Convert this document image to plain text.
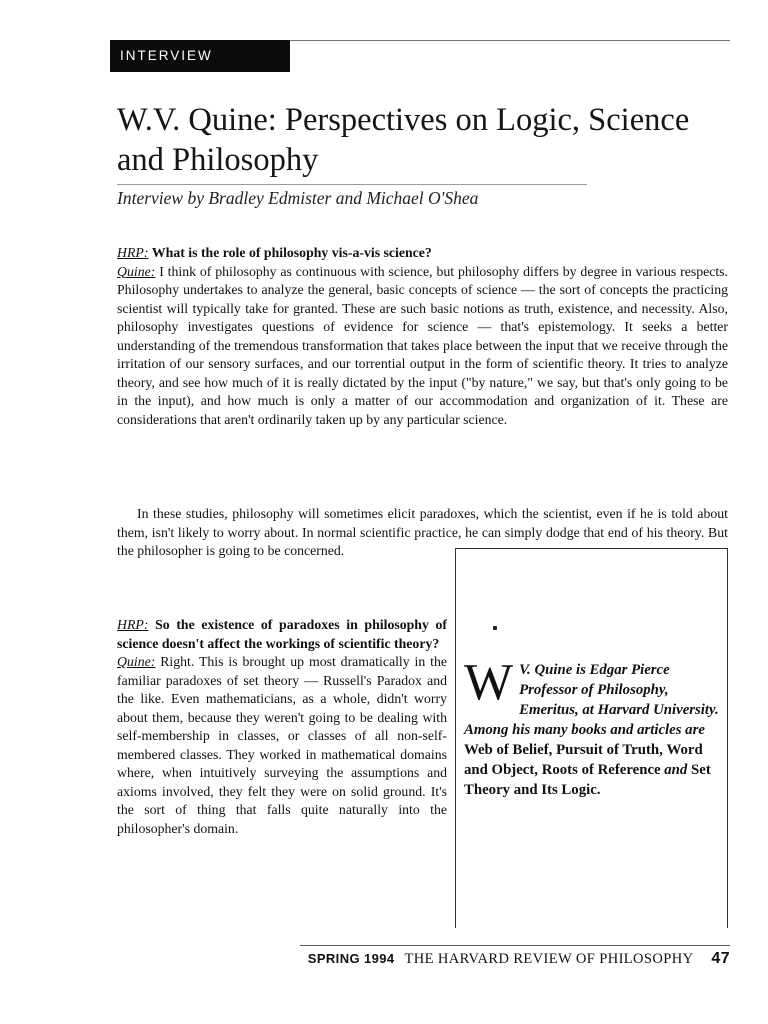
INTERVIEW
W.V. Quine: Perspectives on Logic, Science and Philosophy
Interview by Bradley Edmister and Michael O'Shea

HRP: What is the role of philosophy vis-a-vis science?

Quine: I think of philosophy as continuous with science, but philosophy differs by degree in various respects. Philosophy undertakes to analyze the general, basic concepts of science — the sort of concepts the practicing scientist will typically take for granted. These are such basic notions as truth, existence, and necessity. Also, philosophy investigates questions of evidence for science — that's epistemology. It seeks a better understanding of the tremendous transformation that takes place between the input that we receive through the irritation of our sensory surfaces, and our torrential output in the form of scientific theory. It tries to analyze theory, and see how much of it is really dictated by the input ("by nature," we say, but that's only going to be in the input), and how much is only a matter of our accommodation and organization of it. These are considerations that aren't ordinarily taken up by any particular science.

In these studies, philosophy will sometimes elicit paradoxes, which the scientist, even if he is told about them, isn't likely to worry about. In normal scientific practice, he can simply dodge that end of his theory. But the philosopher is going to be concerned.

HRP: So the existence of paradoxes in philosophy of science doesn't affect the workings of scientific theory?

Quine: Right. This is brought up most dramatically in the familiar paradoxes of set theory — Russell's Paradox and the like. Even mathematicians, as a whole, didn't worry about them, because they weren't going to be dealing with self-membership in classes, or classes of all non-self-membered classes. They worked in mathematical domains where, when intuitively surveying the assumptions and axioms involved, they felt they were on solid ground. It's the sort of thing that falls quite naturally into the philosopher's domain.

W V. Quine is Edgar Pierce Professor of Philosophy, Emeritus, at Harvard University. Among his many books and articles are Web of Belief, Pursuit of Truth, Word and Object, Roots of Reference and Set Theory and Its Logic.
SPRING 1994 THE HARVARD REVIEW OF PHILOSOPHY 47
